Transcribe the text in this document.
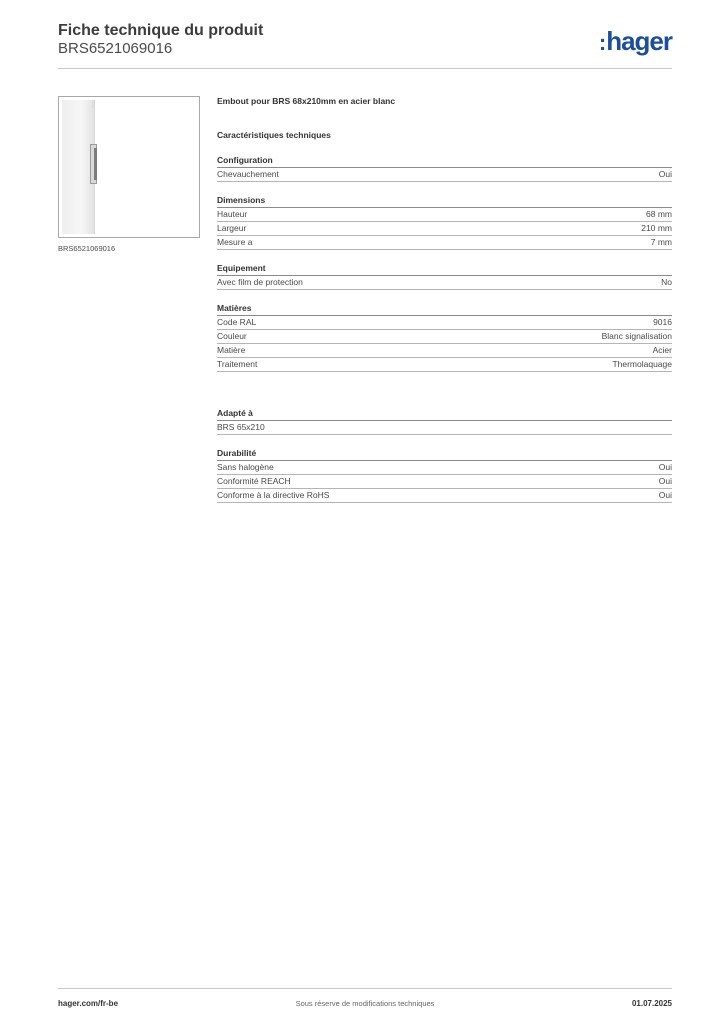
Fiche technique du produit
BRS6521069016	:hager
BRS6521069016
Embout pour BRS 68x210mm en acier blanc
Caractéristiques techniques
Configuration
Chevauchement	Oui
Dimensions
Hauteur	68 mm
Largeur	210 mm
Mesure a	7 mm
Equipement
Avec film de protection	No
Matières
Code RAL	9016
Couleur	Blanc signalisation
Matière	Acier
Traitement	Thermolaquage
Adapté à
BRS 65x210
Durabilité
Sans halogène	Oui
Conformité REACH	Oui
Conforme à la directive RoHS	Oui
hager.com/fr-be	Sous réserve de modifications techniques	01.07.2025
